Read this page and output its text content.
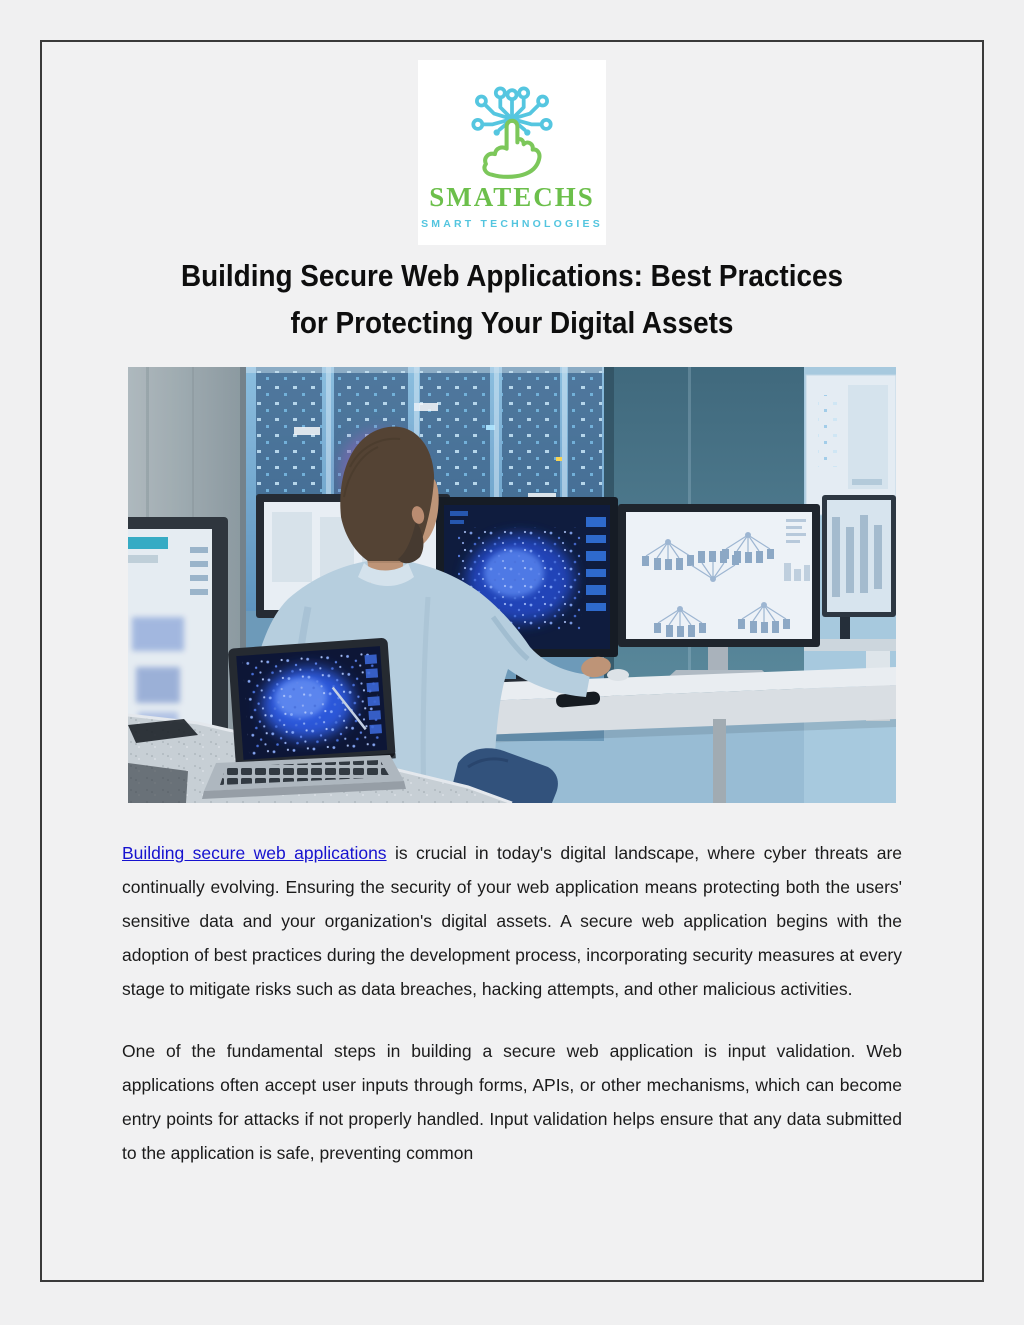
SMATECHS
SMART TECHNOLOGIES
Building Secure Web Applications: Best Practices
for Protecting Your Digital Assets

Building secure web applications is crucial in today's digital landscape, where cyber threats are continually evolving. Ensuring the security of your web application means protecting both the users' sensitive data and your organization's digital assets. A secure web application begins with the adoption of best practices during the development process, incorporating security measures at every stage to mitigate risks such as data breaches, hacking attempts, and other malicious activities.

One of the fundamental steps in building a secure web application is input validation. Web applications often accept user inputs through forms, APIs, or other mechanisms, which can become entry points for attacks if not properly handled. Input validation helps ensure that any data submitted to the application is safe, preventing common
